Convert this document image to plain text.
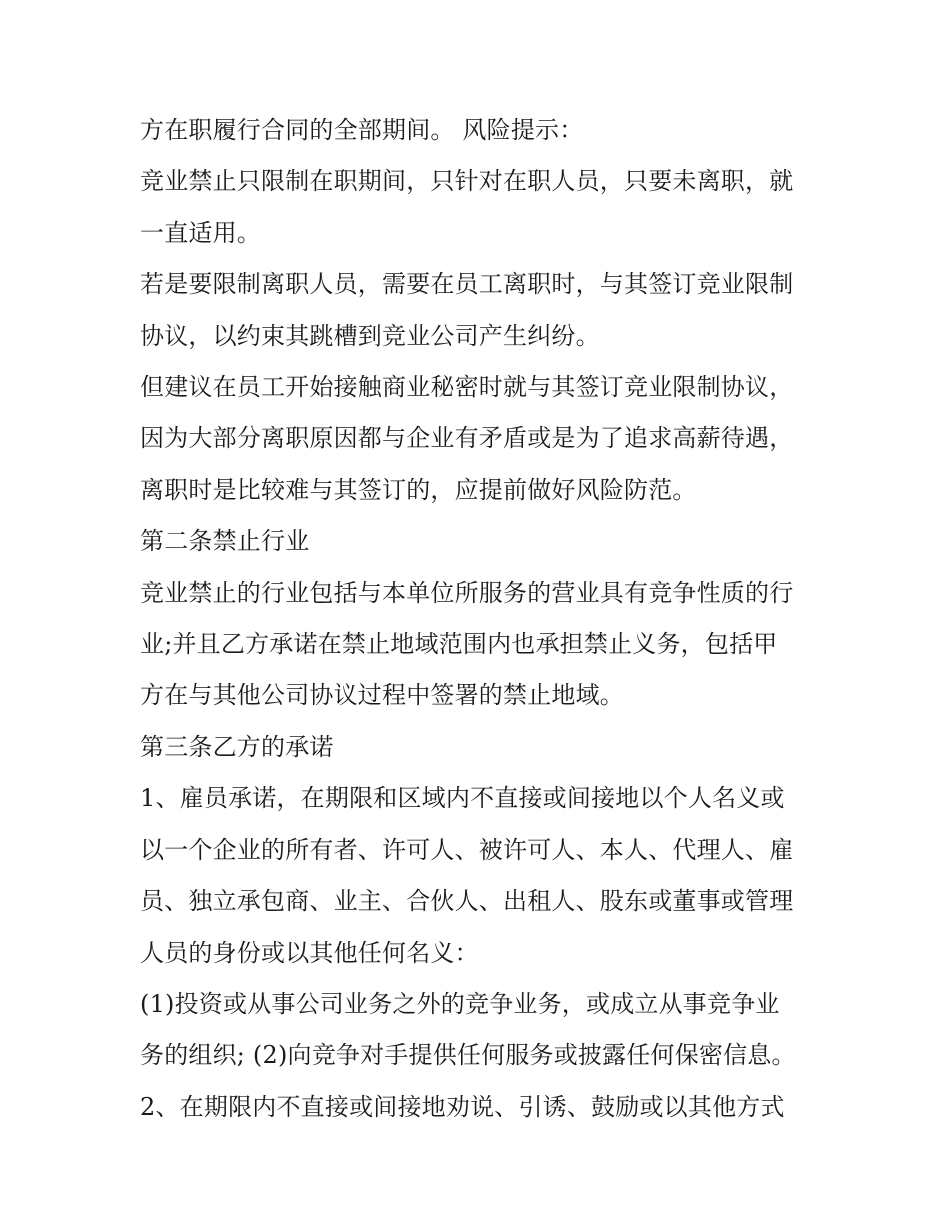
方在职履行合同的全部期间。 风险提示：

竞业禁止只限制在职期间，只针对在职人员，只要未离职，就

一直适用。

若是要限制离职人员，需要在员工离职时，与其签订竞业限制

协议，以约束其跳槽到竞业公司产生纠纷。

但建议在员工开始接触商业秘密时就与其签订竞业限制协议，

因为大部分离职原因都与企业有矛盾或是为了追求高薪待遇，

离职时是比较难与其签订的，应提前做好风险防范。

第二条禁止行业

竞业禁止的行业包括与本单位所服务的营业具有竞争性质的行

业;并且乙方承诺在禁止地域范围内也承担禁止义务，包括甲

方在与其他公司协议过程中签署的禁止地域。

第三条乙方的承诺

1、雇员承诺，在期限和区域内不直接或间接地以个人名义或

以一个企业的所有者、许可人、被许可人、本人、代理人、雇

员、独立承包商、业主、合伙人、出租人、股东或董事或管理

人员的身份或以其他任何名义：

(1)投资或从事公司业务之外的竞争业务，或成立从事竞争业

务的组织; (2)向竞争对手提供任何服务或披露任何保密信息。

2、在期限内不直接或间接地劝说、引诱、鼓励或以其他方式
